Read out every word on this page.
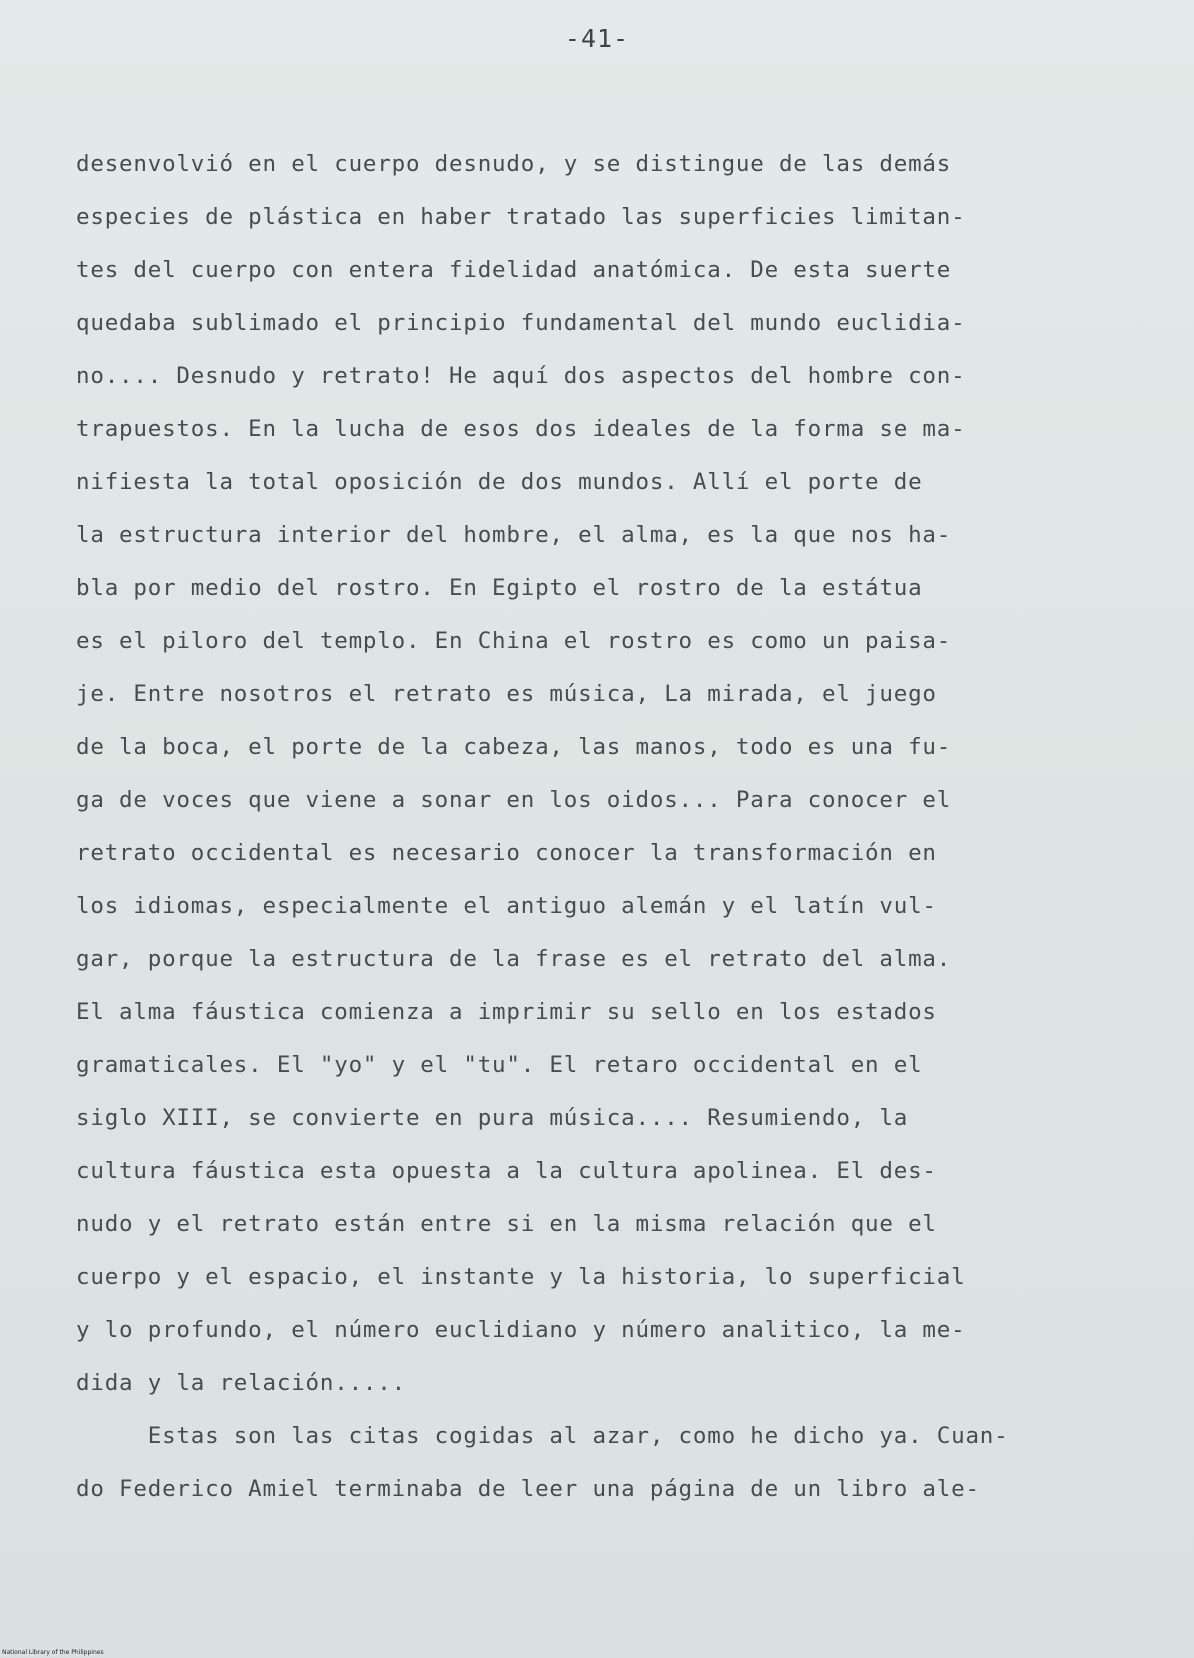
-41-
desenvolvió en el cuerpo desnudo, y se distingue de las demás
especies de plástica en haber tratado las superficies limitan-
tes del cuerpo con entera fidelidad anatómica. De esta suerte
quedaba sublimado el principio fundamental del mundo euclidia-
no.... Desnudo y retrato! He aquí dos aspectos del hombre con-
trapuestos. En la lucha de esos dos ideales de la forma se ma-
nifiesta la total oposición de dos mundos. Allí el porte de
la estructura interior del hombre, el alma, es la que nos ha-
bla por medio del rostro. En Egipto el rostro de la estátua
es el piloro del templo. En China el rostro es como un paisa-
je. Entre nosotros el retrato es música, La mirada, el juego
de la boca, el porte de la cabeza, las manos, todo es una fu-
ga de voces que viene a sonar en los oidos... Para conocer el
retrato occidental es necesario conocer la transformación en
los idiomas, especialmente el antiguo alemán y el latín vul-
gar, porque la estructura de la frase es el retrato del alma.
El alma fáustica comienza a imprimir su sello en los estados
gramaticales. El "yo" y el "tu". El retaro occidental en el
siglo XIII, se convierte en pura música.... Resumiendo, la
cultura fáustica esta opuesta a la cultura apolinea. El des-
nudo y el retrato están entre si en la misma relación que el
cuerpo y el espacio, el instante y la historia, lo superficial
y lo profundo, el número euclidiano y número analitico, la me-
dida y la relación.....
Estas son las citas cogidas al azar, como he dicho ya. Cuan-
do Federico Amiel terminaba de leer una página de un libro ale-
National Library of the Philippines
